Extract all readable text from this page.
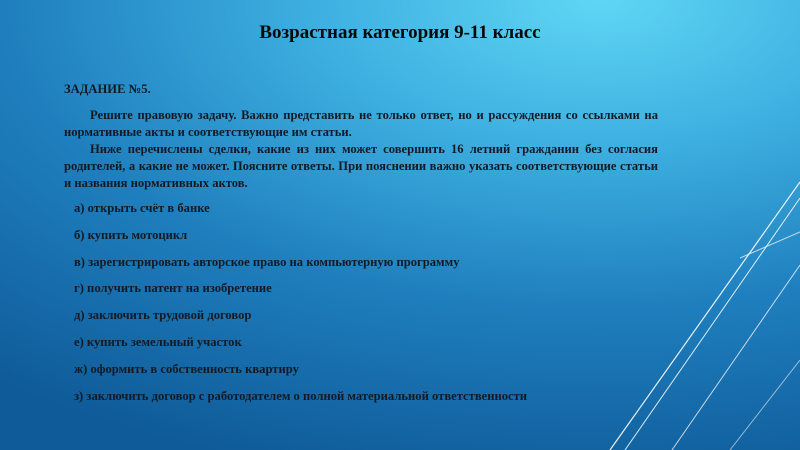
Возрастная категория 9-11 класс
ЗАДАНИЕ №5.

Решите правовую задачу. Важно представить не только ответ, но и рассуждения со ссылками на нормативные акты и соответствующие им статьи.

Ниже перечислены сделки, какие из них может совершить 16 летний гражданин без согласия родителей, а какие не может. Поясните ответы. При пояснении важно указать соответствующие статьи и названия нормативных актов.

а) открыть счёт в банке
б) купить мотоцикл
в) зарегистрировать авторское право на компьютерную программу
г) получить патент на изобретение
д) заключить трудовой договор
е) купить земельный участок
ж) оформить в собственность квартиру
з) заключить договор с работодателем о полной материальной ответственности
